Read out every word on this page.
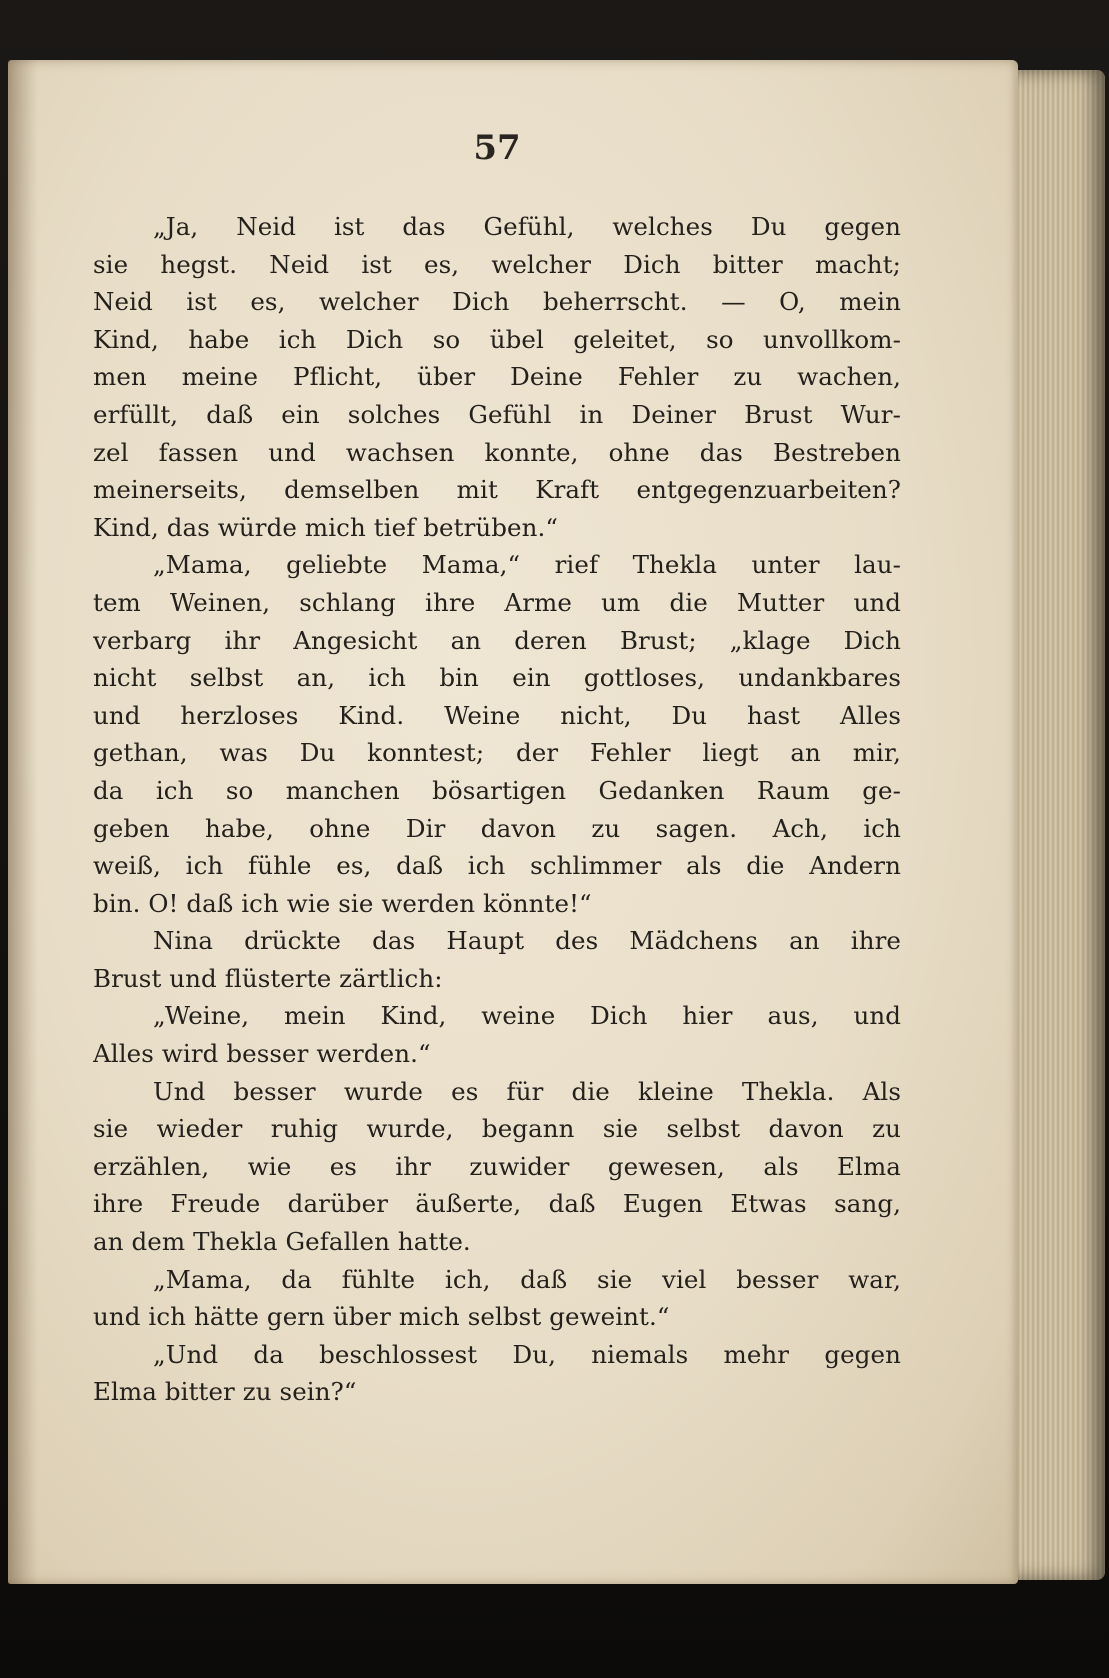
57
„Ja, Neid ist das Gefühl, welches Du gegen
sie hegst. Neid ist es, welcher Dich bitter macht;
Neid ist es, welcher Dich beherrscht. — O, mein
Kind, habe ich Dich so übel geleitet, so unvollkom-
men meine Pflicht, über Deine Fehler zu wachen,
erfüllt, daß ein solches Gefühl in Deiner Brust Wur-
zel fassen und wachsen konnte, ohne das Bestreben
meinerseits, demselben mit Kraft entgegenzuarbeiten?
Kind, das würde mich tief betrüben.“
„Mama, geliebte Mama,“ rief Thekla unter lau-
tem Weinen, schlang ihre Arme um die Mutter und
verbarg ihr Angesicht an deren Brust; „klage Dich
nicht selbst an, ich bin ein gottloses, undankbares
und herzloses Kind. Weine nicht, Du hast Alles
gethan, was Du konntest; der Fehler liegt an mir,
da ich so manchen bösartigen Gedanken Raum ge-
geben habe, ohne Dir davon zu sagen. Ach, ich
weiß, ich fühle es, daß ich schlimmer als die Andern
bin. O! daß ich wie sie werden könnte!“
Nina drückte das Haupt des Mädchens an ihre
Brust und flüsterte zärtlich:
„Weine, mein Kind, weine Dich hier aus, und
Alles wird besser werden.“
Und besser wurde es für die kleine Thekla. Als
sie wieder ruhig wurde, begann sie selbst davon zu
erzählen, wie es ihr zuwider gewesen, als Elma
ihre Freude darüber äußerte, daß Eugen Etwas sang,
an dem Thekla Gefallen hatte.
„Mama, da fühlte ich, daß sie viel besser war,
und ich hätte gern über mich selbst geweint.“
„Und da beschlossest Du, niemals mehr gegen
Elma bitter zu sein?“
